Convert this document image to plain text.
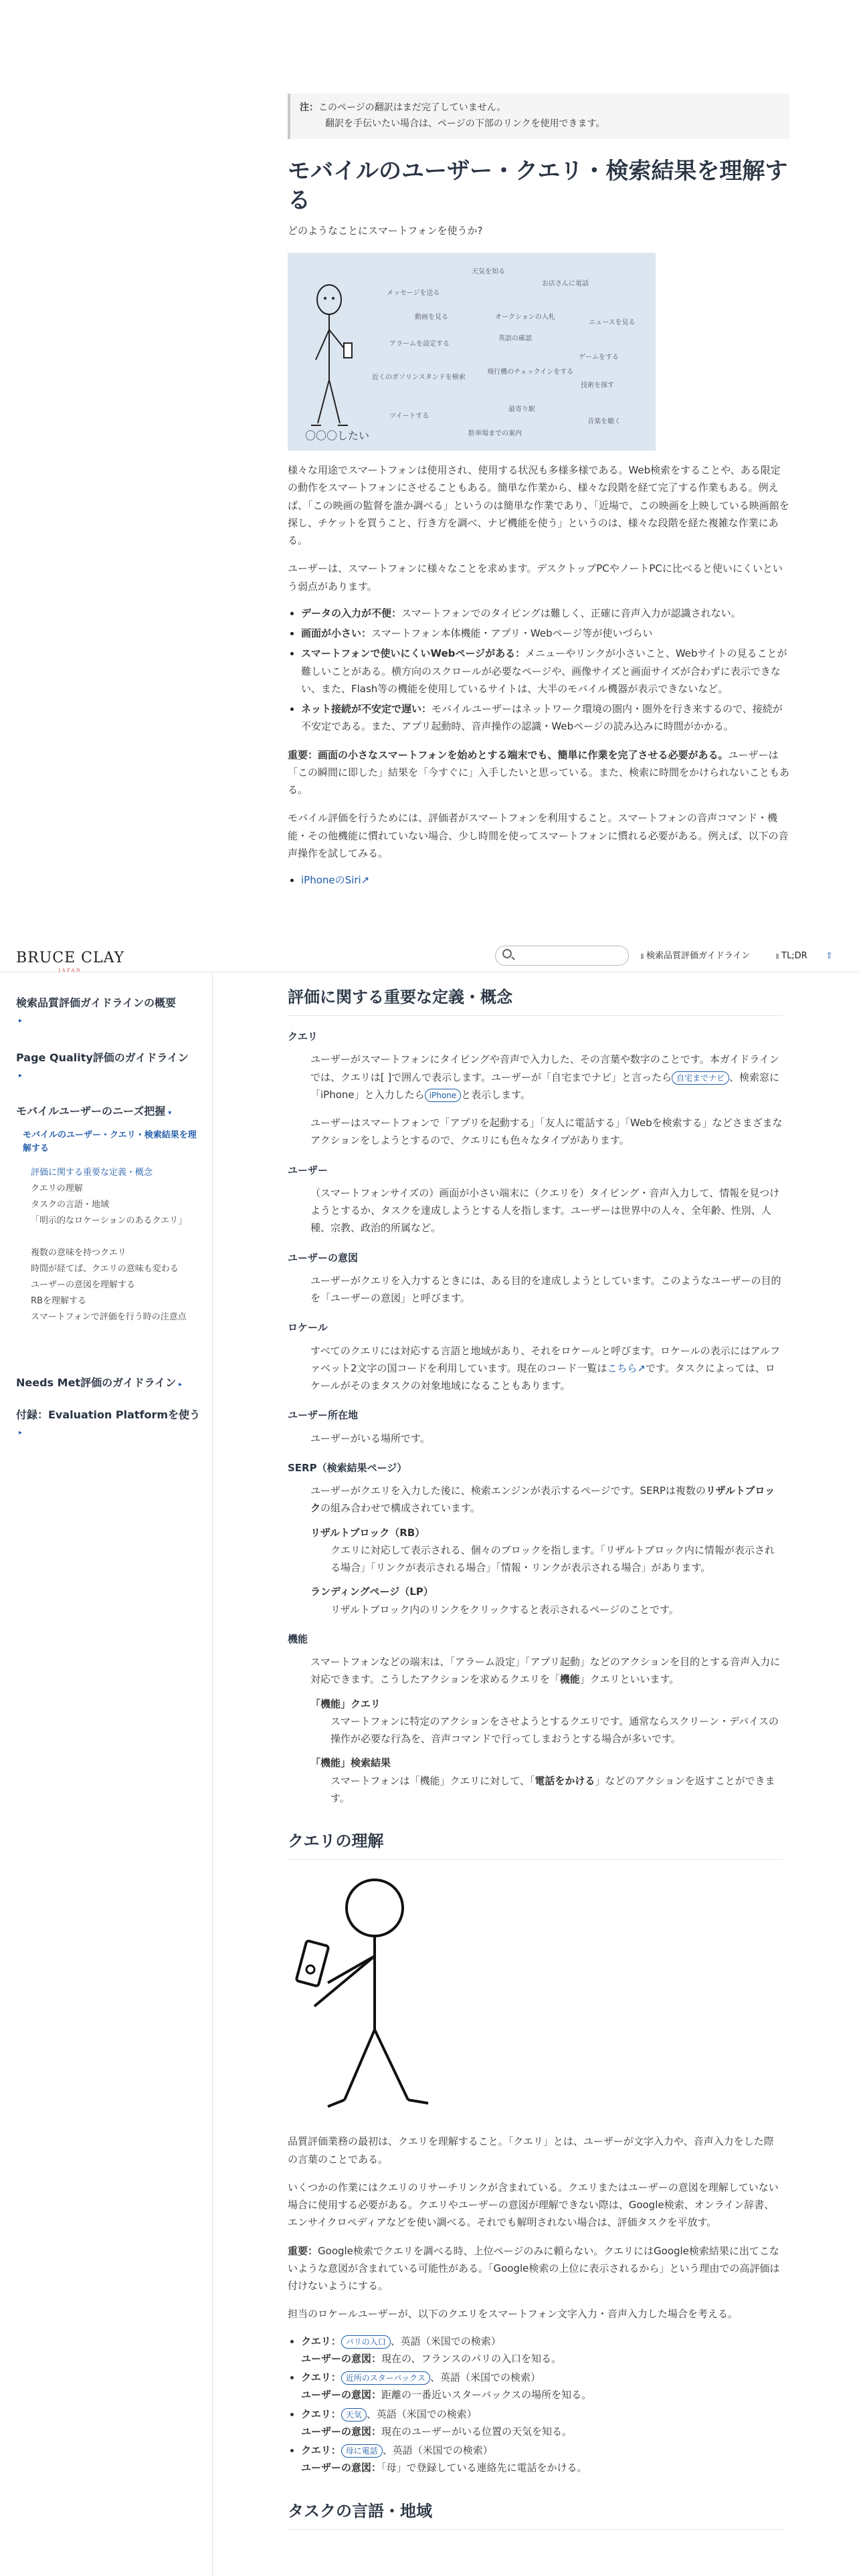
注：このページの翻訳はまだ完了していません。
翻訳を手伝いたい場合は、ページの下部のリンクを使用できます。
モバイルのユーザー・クエリ・検索結果を理解する
どのようなことにスマートフォンを使うか?
天気を知る
お店さんに電話
メッセージを送る
動画を見る	オークションの入札
ニュースを見る
アラームを設定する
英語の確認
ゲームをする
近くのガソリンスタンドを検索
飛行機のチェックインをする
技術を探す
ツイートする
音楽を聴く
最寄り駅
駐車場までの案内
〇〇〇したい

様々な用途でスマートフォンは使用され、使用する状況も多様多様である。Web検索をすることや、ある限定の動作をスマートフォンにさせることもある。簡単な作業から、様々な段階を経て完了する作業もある。例えば、「この映画の監督を誰か調べる」というのは簡単な作業であり、「近場で、この映画を上映している映画館を探し、チケットを買うこと、行き方を調べ、ナビ機能を使う」というのは、様々な段階を経た複雑な作業にある。

ユーザーは、スマートフォンに様々なことを求めます。デスクトップPCやノートPCに比べると使いにくいという弱点があります。

• データの入力が不便：スマートフォンでのタイピングは難しく、正確に音声入力が認識されない。
• 画面が小さい：スマートフォン本体機能・アプリ・Webページ等が使いづらい
• スマートフォンで使いにくいWebページがある：メニューやリンクが小さいこと、Webサイトの見ることが難しいことがある。横方向のスクロールが必要なページや、画像サイズと画面サイズが合わずに表示できない、また、Flash等の機能を使用しているサイトは、大半のモバイル機器が表示できないなど。
• ネット接続が不安定で遅い：モバイルユーザーはネットワーク環境の圏内・圏外を行き来するので、接続が不安定である。また、アプリ起動時、音声操作の認識・Webページの読み込みに時間がかかる。

重要：画面の小さなスマートフォンを始めとする端末でも、簡単に作業を完了させる必要がある。ユーザーは「この瞬間に即した」結果を「今すぐに」入手したいと思っている。また、検索に時間をかけられないこともある。

モバイル評価を行うためには、評価者がスマートフォンを利用すること。スマートフォンの音声コマンド・機能・その他機能に慣れていない場合、少し時間を使ってスマートフォンに慣れる必要がある。例えば、以下の音声操作を試してみる。

• iPhoneのSiri↗
BRUCE CLAY
JAPAN
検索品質評価ガイドライン	TL;DR ⇧
検索品質評価ガイドラインの概要
▸
Page Quality評価のガイドライン
▸
モバイルユーザーのニーズ把握 ▾
モバイルのユーザー・クエリ・検索結果を理解する
評価に関する重要な定義・概念
クエリの理解
タスクの言語・地域
「明示的なロケーションのあるクエリ」
複数の意味を持つクエリ
時間が経てば、クエリの意味も変わる
ユーザーの意図を理解する
RBを理解する
スマートフォンで評価を行う時の注意点
Needs Met評価のガイドライン ▸
付録：Evaluation Platformを使う▸
評価に関する重要な定義・概念
クエリ
ユーザーがスマートフォンにタイピングや音声で入力した、その言葉や数字のことです。本ガイドラインでは、クエリは[ ]で囲んで表示します。ユーザーが「自宅までナビ」と言ったら 自宅までナビ 、検索窓に「iPhone」と入力したら iPhone と表示します。

ユーザーはスマートフォンで「アプリを起動する」「友人に電話する」「Webを検索する」などさまざまなアクションをしようとするので、クエリにも色々なタイプがあります。

ユーザー
（スマートフォンサイズの）画面が小さい端末に（クエリを）タイピング・音声入力して、情報を見つけようとするか、タスクを達成しようとする人を指します。ユーザーは世界中の人々、全年齢、性別、人種、宗教、政治的所属など。
ユーザーの意図
ユーザーがクエリを入力するときには、ある目的を達成しようとしています。このようなユーザーの目的を「ユーザーの意図」と呼びます。
ロケール
すべてのクエリには対応する言語と地域があり、それをロケールと呼びます。ロケールの表示にはアルファベット2文字の国コードを利用しています。現在のコード一覧はこちら↗です。タスクによっては、ロケールがそのまタスクの対象地域になることもあります。
ユーザー所在地
ユーザーがいる場所です。
SERP（検索結果ページ）
ユーザーがクエリを入力した後に、検索エンジンが表示するページです。SERPは複数のリザルトブロックの組み合わせで構成されています。
リザルトブロック（RB）
クエリに対応して表示される、個々のブロックを指します。「リザルトブロック内に情報が表示される場合」「リンクが表示される場合」「情報・リンクが表示される場合」があります。
ランディングページ（LP）
リザルトブロック内のリンクをクリックすると表示されるページのことです。
機能
スマートフォンなどの端末は、「アラーム設定」「アプリ起動」などのアクションを目的とする音声入力に対応できます。こうしたアクションを求めるクエリを「機能」クエリといいます。
「機能」クエリ
スマートフォンに特定のアクションをさせようとするクエリです。通常ならスクリーン・デバイスの操作が必要な行為を、音声コマンドで行ってしまおうとする場合が多いです。
「機能」検索結果
スマートフォンは「機能」クエリに対して、「電話をかける」などのアクションを返すことができます。
クエリの理解

品質評価業務の最初は、クエリを理解すること。「クエリ」とは、ユーザーが文字入力や、音声入力をした際の言葉のことである。

いくつかの作業にはクエリのリサーチリンクが含まれている。クエリまたはユーザーの意図を理解していない場合に使用する必要がある。クエリやユーザーの意図が理解できない際は、Google検索、オンライン辞書、エンサイクロペディアなどを使い調べる。それでも解明されない場合は、評価タスクを平放す。

重要：Google検索でクエリを調べる時、上位ページのみに頼らない。クエリにはGoogle検索結果に出てこないような意図が含まれている可能性がある。「Google検索の上位に表示されるから」という理由での高評価は付けないようにする。

担当のロケールユーザーが、以下のクエリをスマートフォン文字入力・音声入力した場合を考える。

• クエリ： パリの入口 、英語（米国での検索）
ユーザーの意図：現在の、フランスのパリの入口を知る。
• クエリ： 近所のスターバックス 、英語（米国での検索）
ユーザーの意図：距離の一番近いスターバックスの場所を知る。
• クエリ： 天気 、英語（米国での検索）
ユーザーの意図：現在のユーザーがいる位置の天気を知る。
• クエリ： 母に電話 、英語（米国での検索）
ユーザーの意図：「母」で登録している連絡先に電話をかける。
タスクの言語・地域
